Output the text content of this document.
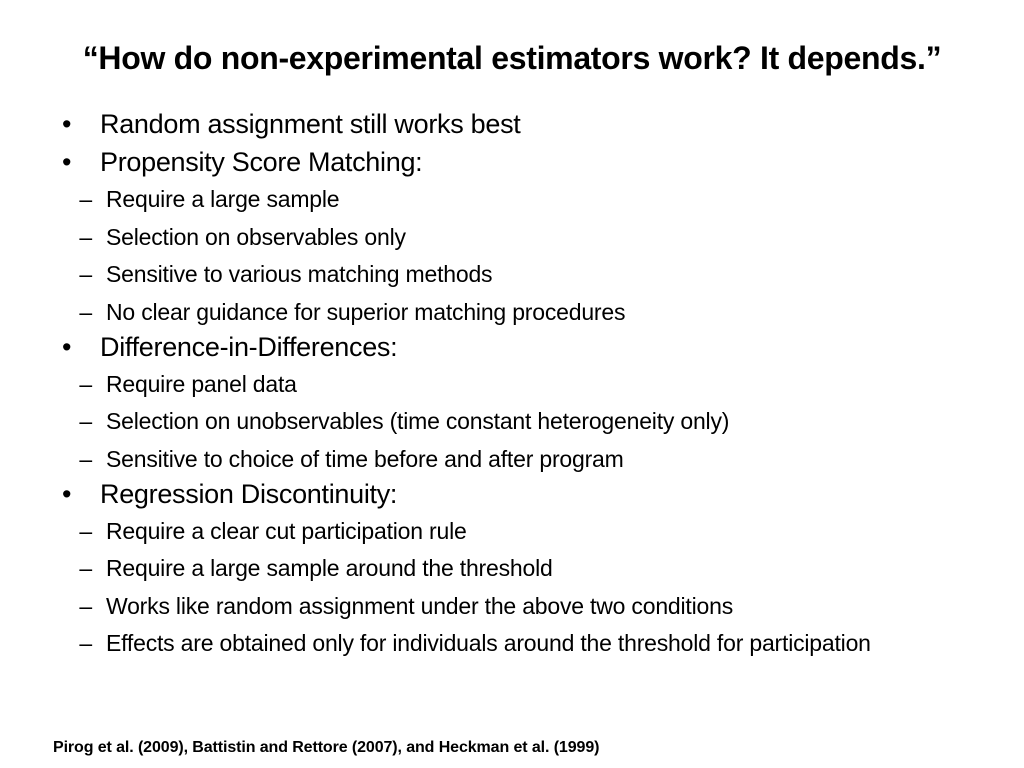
“How do non-experimental estimators work? It depends.”
•	Random assignment still works best
•	Propensity Score Matching:
– Require a large sample
– Selection on observables only
– Sensitive to various matching methods
– No clear guidance for superior matching procedures
•	Difference-in-Differences:
– Require panel data
– Selection on unobservables (time constant heterogeneity only)
– Sensitive to choice of time before and after program
•	Regression Discontinuity:
– Require a clear cut participation rule
– Require a large sample around the threshold
– Works like random assignment under the above two conditions
– Effects are obtained only for individuals around the threshold for participation
Pirog et al. (2009), Battistin and Rettore (2007), and Heckman et al. (1999)
